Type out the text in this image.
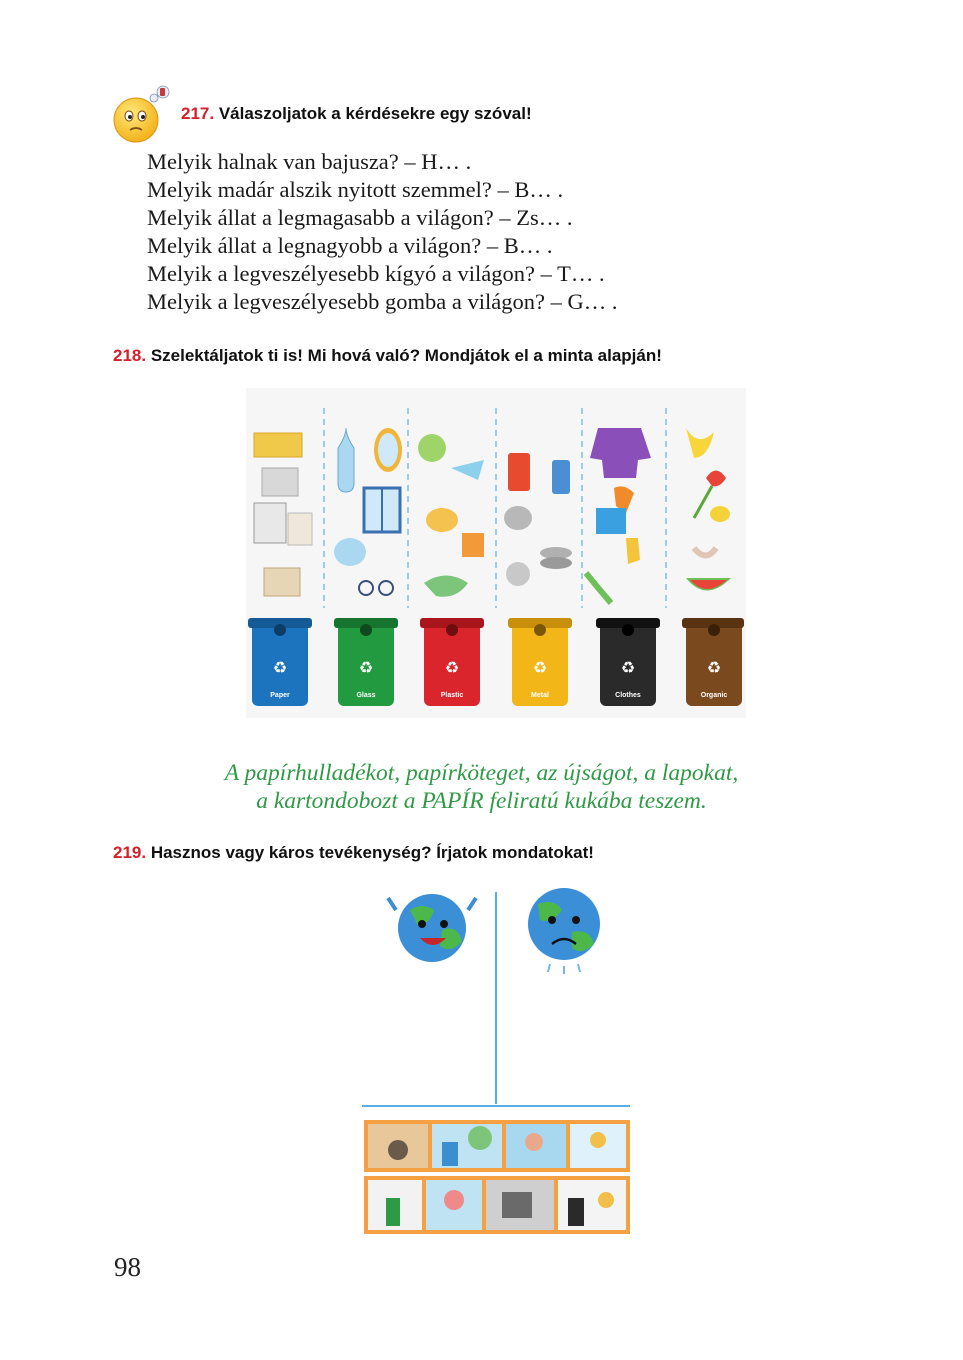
217. Válaszoljatok a kérdésekre egy szóval!
Melyik halnak van bajusza? – H… .
Melyik madár alszik nyitott szemmel? – B… .
Melyik állat a legmagasabb a világon? – Zs… .
Melyik állat a legnagyobb a világon? – B… .
Melyik a legveszélyesebb kígyó a világon? – T… .
Melyik a legveszélyesebb gomba a világon? – G… .
218. Szelektáljatok ti is! Mi hová való? Mondjátok el a minta alapján!
♻
Paper
♻
Glass
♻
Plastic
♻
Metal
♻
Clothes
♻
Organic
A papírhulladékot, papírköteget, az újságot, a lapokat,
a kartondobozt a PAPÍR feliratú kukába teszem.
219. Hasznos vagy káros tevékenység? Írjatok mondatokat!
98
